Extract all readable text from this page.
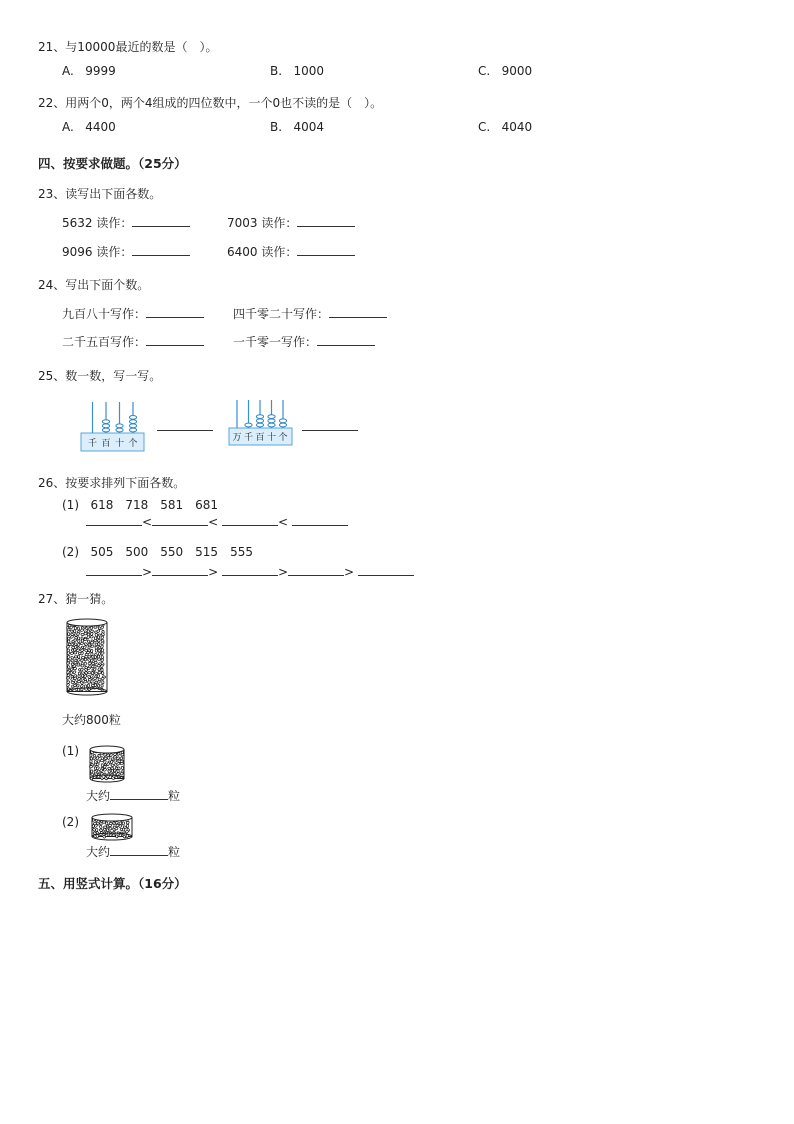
21、与10000最近的数是（　）。
A. 9999	B. 1000	C. 9000
22、用两个0，两个4组成的四位数中，一个0也不读的是（　）。
A. 4400	B. 4004	C. 4040
四、按要求做题。（25分）
23、读写出下面各数。
5632 读作：	7003 读作：
9096 读作：	6400 读作：
24、写出下面个数。
九百八十写作：	四千零二十写作：
二千五百写作：	一千零一写作：
25、数一数，写一写。
千 百 十 个
万 千 百 十 个
26、按要求排列下面各数。
(1) 618　718　581　681
<	<	<
(2) 505　500　550　515　555
>	>	>	>
27、猜一猜。
大约800粒
(1)
大约	粒
(2)
大约	粒
五、用竖式计算。（16分）
